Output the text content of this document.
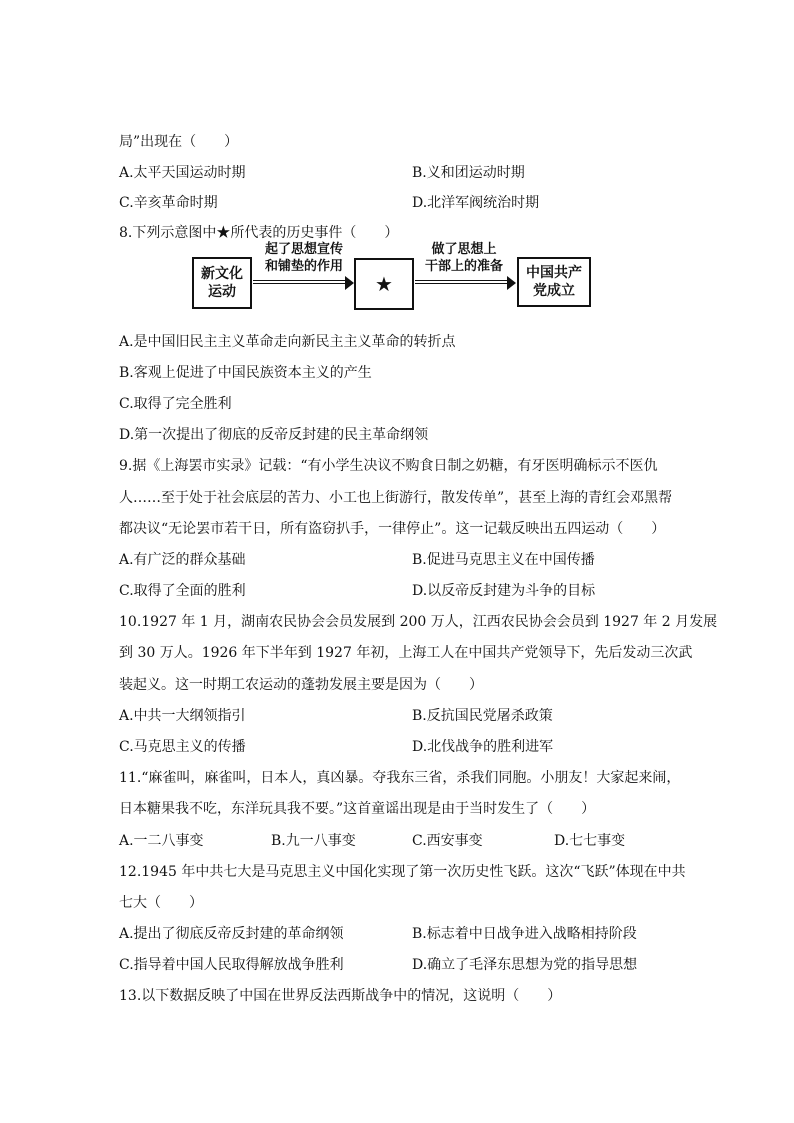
局”出现在（　　）
A.太平天国运动时期	B.义和团运动时期
C.辛亥革命时期	D.北洋军阀统治时期
8.下列示意图中★所代表的历史事件（　　）
新文化
运动
起了思想宣传
和铺垫的作用
★
做了思想上
干部上的准备	中国共产
党成立
A.是中国旧民主主义革命走向新民主主义革命的转折点
B.客观上促进了中国民族资本主义的产生
C.取得了完全胜利
D.第一次提出了彻底的反帝反封建的民主革命纲领
9.据《上海罢市实录》记载：“有小学生决议不购食日制之奶糖，有牙医明确标示不医仇
人……至于处于社会底层的苦力、小工也上街游行，散发传单”，甚至上海的青红会邓黑帮
都决议“无论罢市若干日，所有盗窃扒手，一律停止”。这一记载反映出五四运动（　　）
A.有广泛的群众基础	B.促进马克思主义在中国传播
C.取得了全面的胜利	D.以反帝反封建为斗争的目标
10.1927 年 1 月，湖南农民协会会员发展到 200 万人，江西农民协会会员到 1927 年 2 月发展
到 30 万人。1926 年下半年到 1927 年初，上海工人在中国共产党领导下，先后发动三次武
装起义。这一时期工农运动的蓬勃发展主要是因为（　　）
A.中共一大纲领指引	B.反抗国民党屠杀政策
C.马克思主义的传播	D.北伐战争的胜利进军
11.“麻雀叫，麻雀叫，日本人，真凶暴。夺我东三省，杀我们同胞。小朋友！大家起来闹，
日本糖果我不吃，东洋玩具我不要。”这首童谣出现是由于当时发生了（　　）
A.一二八事变	B.九一八事变	C.西安事变	D.七七事变
12.1945 年中共七大是马克思主义中国化实现了第一次历史性飞跃。这次“飞跃”体现在中共
七大（　　）
A.提出了彻底反帝反封建的革命纲领	B.标志着中日战争进入战略相持阶段
C.指导着中国人民取得解放战争胜利	D.确立了毛泽东思想为党的指导思想
13.以下数据反映了中国在世界反法西斯战争中的情况，这说明（　　）
